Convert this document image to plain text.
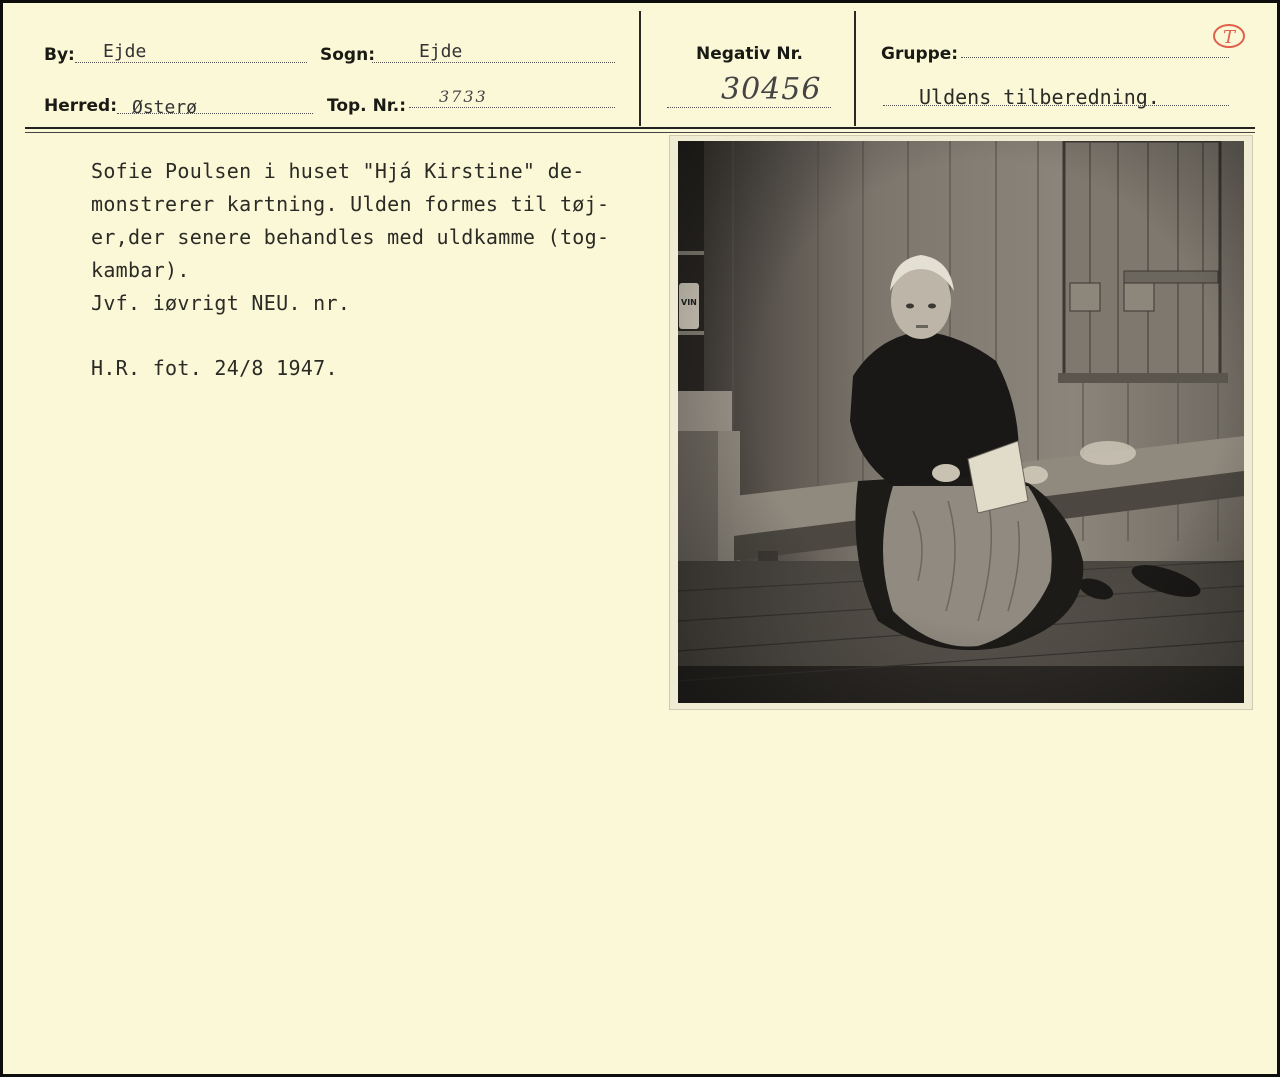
By: Ejde	Sogn: Ejde
Herred: Østerø	Top. Nr.: 3733
Negativ Nr.
30456
Gruppe:
Uldens tilberedning.
T
Sofie Poulsen i huset "Hjá Kirstine" de-
monstrerer kartning. Ulden formes til tøj-
er,der senere behandles med uldkamme (tog-
kambar).
Jvf. iøvrigt NEU. nr.
H.R. fot. 24/8 1947.
